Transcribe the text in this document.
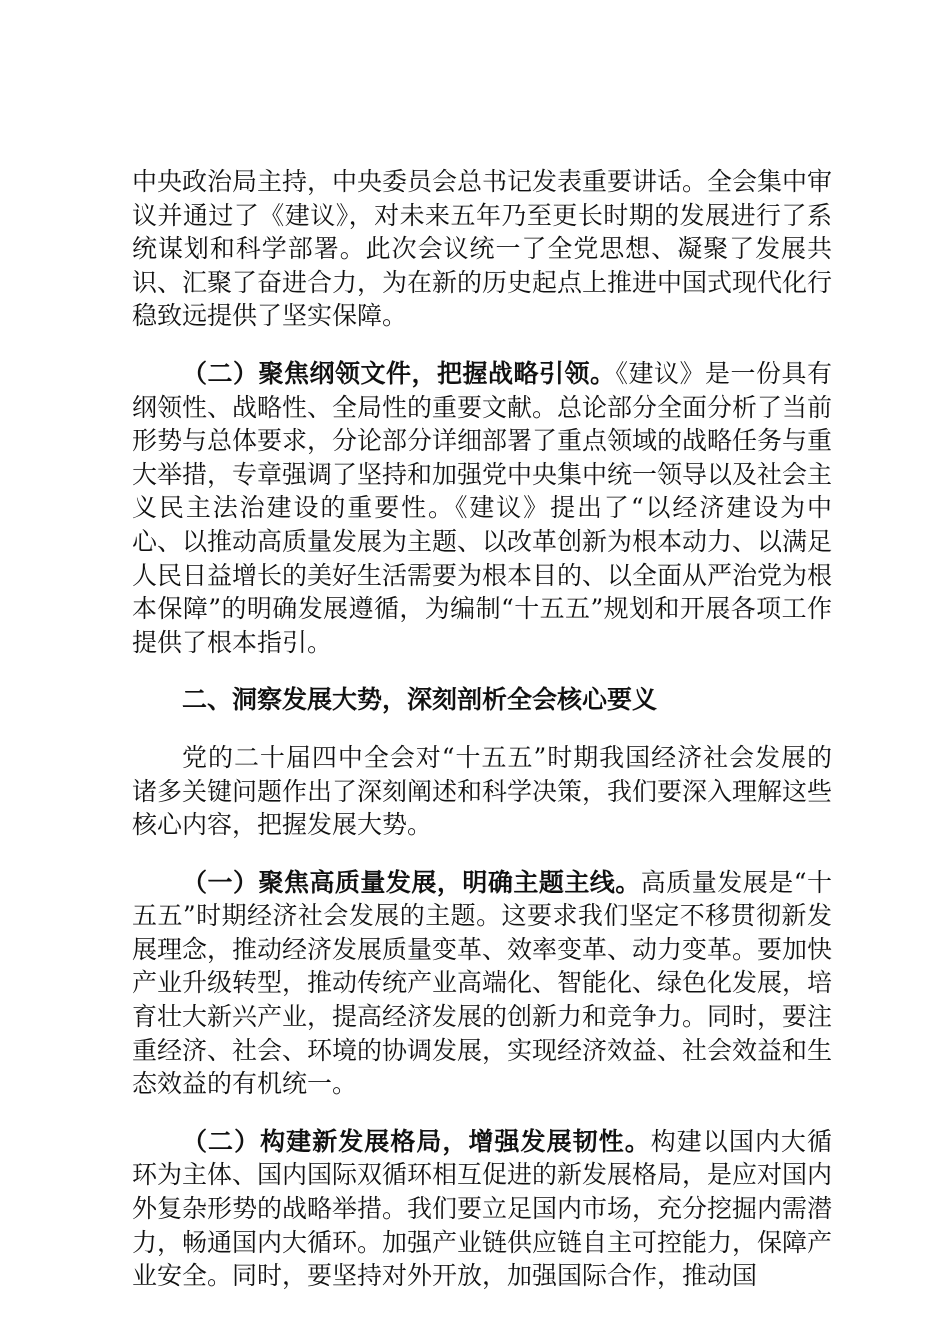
中央政治局主持，中央委员会总书记发表重要讲话。全会集中审议并通过了《建议》，对未来五年乃至更长时期的发展进行了系统谋划和科学部署。此次会议统一了全党思想、凝聚了发展共识、汇聚了奋进合力，为在新的历史起点上推进中国式现代化行稳致远提供了坚实保障。

（二）聚焦纲领文件，把握战略引领。《建议》是一份具有纲领性、战略性、全局性的重要文献。总论部分全面分析了当前形势与总体要求，分论部分详细部署了重点领域的战略任务与重大举措，专章强调了坚持和加强党中央集中统一领导以及社会主义民主法治建设的重要性。《建议》提出了“以经济建设为中心、以推动高质量发展为主题、以改革创新为根本动力、以满足人民日益增长的美好生活需要为根本目的、以全面从严治党为根本保障”的明确发展遵循，为编制“十五五”规划和开展各项工作提供了根本指引。

二、洞察发展大势，深刻剖析全会核心要义

党的二十届四中全会对“十五五”时期我国经济社会发展的诸多关键问题作出了深刻阐述和科学决策，我们要深入理解这些核心内容，把握发展大势。

（一）聚焦高质量发展，明确主题主线。高质量发展是“十五五”时期经济社会发展的主题。这要求我们坚定不移贯彻新发展理念，推动经济发展质量变革、效率变革、动力变革。要加快产业升级转型，推动传统产业高端化、智能化、绿色化发展，培育壮大新兴产业，提高经济发展的创新力和竞争力。同时，要注重经济、社会、环境的协调发展，实现经济效益、社会效益和生态效益的有机统一。

（二）构建新发展格局，增强发展韧性。构建以国内大循环为主体、国内国际双循环相互促进的新发展格局，是应对国内外复杂形势的战略举措。我们要立足国内市场，充分挖掘内需潜力，畅通国内大循环。加强产业链供应链自主可控能力，保障产业安全。同时，要坚持对外开放，加强国际合作，推动国
